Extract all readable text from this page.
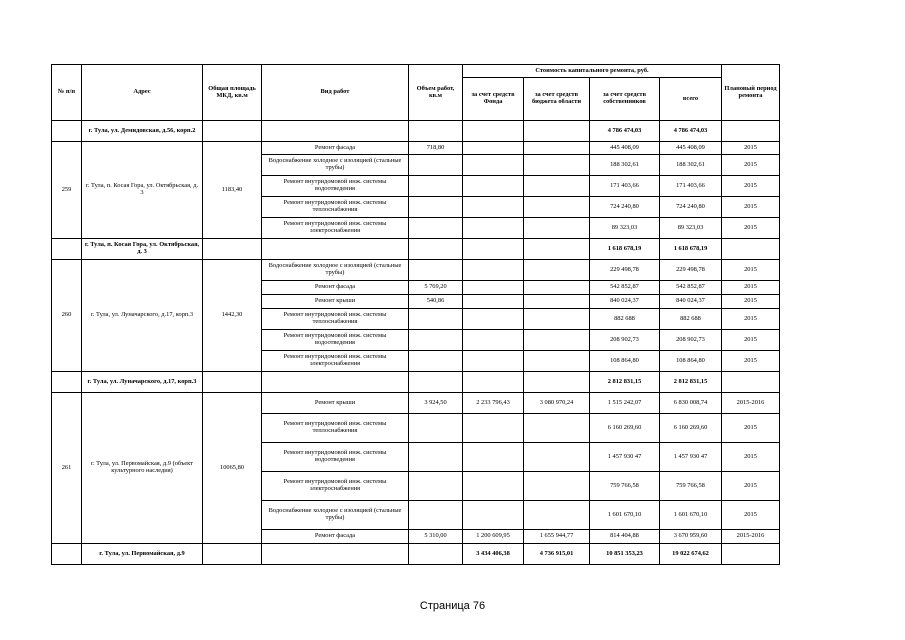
№ п/п	Адрес	Общая площадь МКД, кв.м	Вид работ	Объем работ, кв.м	Стоимость капитального ремонта, руб.				Плановый период ремонта
					за счет средств Фонда	за счет средств бюджета области	за счет средств собственников	всего	
	г. Тула, ул. Демидовская, д.56, корп.2						4 786 474,03	4 786 474,03	
259	г. Тула, п. Косая Гора, ул. Октябрьская, д. 3	1183,40	Ремонт фасада	718,80			445 408,09	445 408,09	2015
			Водоснабжение холодное с изоляцией (стальные трубы)				188 302,61	188 302,61	2015
			Ремонт внутридомовой инж. системы водоотведения				171 403,66	171 403,66	2015
			Ремонт внутридомовой инж. системы теплоснабжения				724 240,80	724 240,80	2015
			Ремонт внутридомовой инж. системы электроснабжения				89 323,03	89 323,03	2015
	г. Тула, п. Косая Гора, ул. Октябрьская, д. 3						1 618 678,19	1 618 678,19	
260	г. Тула, ул. Луначарского, д.17, корп.3	1442,30	Водоснабжение холодное с изоляцией (стальные трубы)				229 498,78	229 498,78	2015
			Ремонт фасада	5 769,20			542 852,87	542 852,87	2015
			Ремонт крыши	540,86			840 024,37	840 024,37	2015
			Ремонт внутридомовой инж. системы теплоснабжения				882 688	882 688	2015
			Ремонт внутридомовой инж. системы водоотведения				208 902,73	208 902,73	2015
			Ремонт внутридомовой инж. системы электроснабжения				108 864,80	108 864,80	2015
	г. Тула, ул. Луначарского, д.17, корп.3						2 812 831,15	2 812 831,15	
261	г. Тула, ул. Первомайская, д.9 (объект культурного наследия)	10065,80	Ремонт крыши	3 924,50	2 233 796,43	3 080 970,24	1 515 242,07	6 830 008,74	2015-2016
			Ремонт внутридомовой инж. системы теплоснабжения				6 160 269,60	6 160 269,60	2015
			Ремонт внутридомовой инж. системы водоотведения				1 457 930 47	1 457 930 47	2015
			Ремонт внутридомовой инж. системы электроснабжения				759 766,58	759 766,58	2015
			Водоснабжение холодное с изоляцией (стальные трубы)				1 601 670,10	1 601 670,10	2015
			Ремонт фасада	5 310,00	1 200 609,95	1 655 944,77	814 404,88	3 670 959,60	2015-2016
	г. Тула, ул. Первомайская, д.9				3 434 406,38	4 736 915,01	10 851 353,23	19 022 674,62	
Страница 76
